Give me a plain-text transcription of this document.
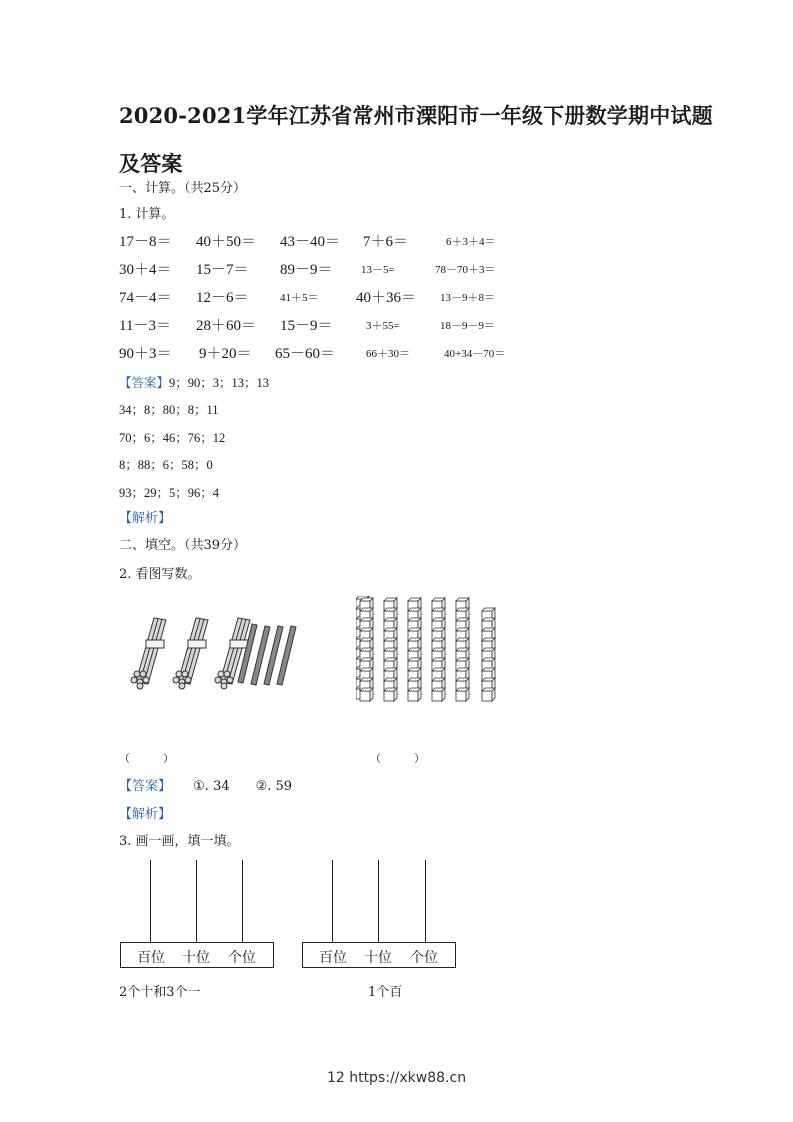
2020-2021学年江苏省常州市溧阳市一年级下册数学期中试题及答案
一、计算。（共25分）
1. 计算。
17－8＝ 40＋50＝ 43－40＝ 7＋6＝	6＋3＋4＝
30＋4＝ 15－7＝ 89－9＝	13－5=	78－70＋3＝
74－4＝ 12－6＝	41＋5＝	40＋36＝ 13－9＋8＝
11－3＝ 28＋60＝ 15－9＝	3＋55=	18－9－9＝
90＋3＝ 9＋20＝ 65－60＝	66＋30＝	40+34－70＝
【答案】9；90；3；13；13
34；8；80；8；11
70；6；46；76；12
8；88；6；58；0
93；29；5；96；4
【解析】
二、填空。（共39分）
2. 看图写数。
（　　　）	（　　　）
【答案】 ①. 34　　②. 59
【解析】
3. 画一画，填一填。
百位 十位 个位
2个十和3个一
百位 十位 个位
1个百
12 https://xkw88.cn
